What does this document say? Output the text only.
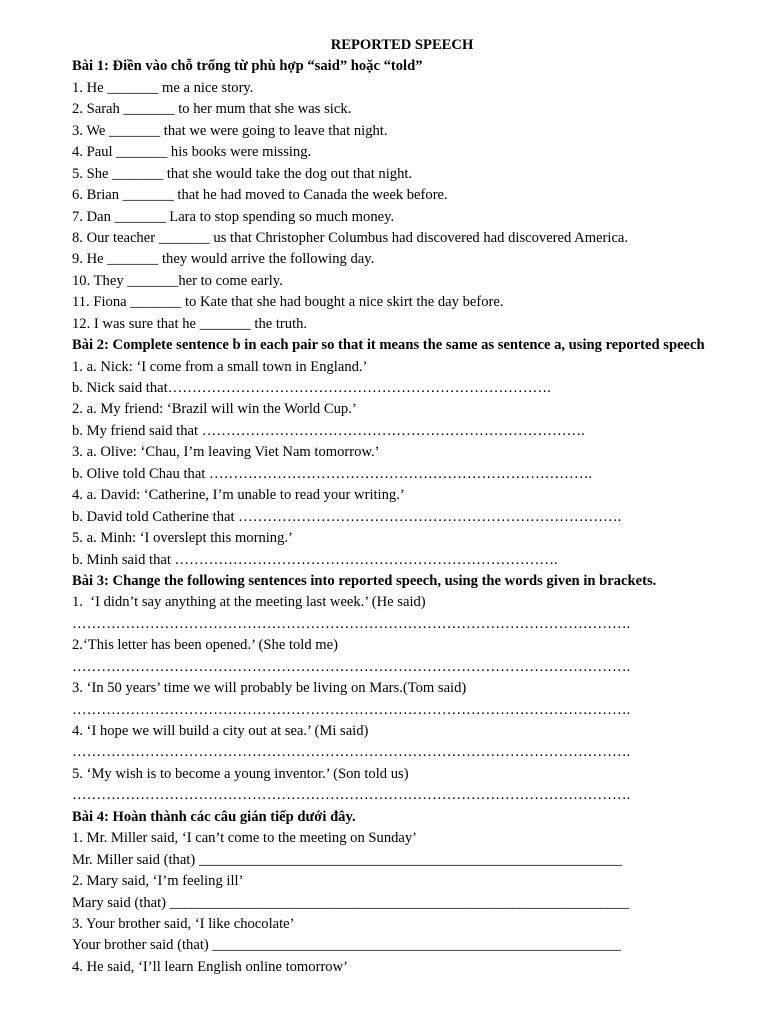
REPORTED SPEECH
Bài 1: Điền vào chỗ trống từ phù hợp “said” hoặc “told”
1. He _______ me a nice story.
2. Sarah _______ to her mum that she was sick.
3. We _______ that we were going to leave that night.
4. Paul _______ his books were missing.
5. She _______ that she would take the dog out that night.
6. Brian _______ that he had moved to Canada the week before.
7. Dan _______ Lara to stop spending so much money.
8. Our teacher _______ us that Christopher Columbus had discovered had discovered America.
9. He _______ they would arrive the following day.
10. They _______her to come early.
11. Fiona _______ to Kate that she had bought a nice skirt the day before.
12. I was sure that he _______ the truth.
Bài 2: Complete sentence b in each pair so that it means the same as sentence a, using reported speech
1. a. Nick: ‘I come from a small town in England.’
b. Nick said that…………………………………………………………………….
2. a. My friend: ‘Brazil will win the World Cup.’
b. My friend said that …………………………………………………………………….
3. a. Olive: ‘Chau, I’m leaving Viet Nam tomorrow.’
b. Olive told Chau that …………………………………………………………………….
4. a. David: ‘Catherine, I’m unable to read your writing.’
b. David told Catherine that …………………………………………………………………….
5. a. Minh: ‘I overslept this morning.’
b. Minh said that …………………………………………………………………….
Bài 3: Change the following sentences into reported speech, using the words given in brackets.
1.  ‘I didn’t say anything at the meeting last week.’ (He said)
…………………………………………………………………………………………………….
2.‘This letter has been opened.’ (She told me)
…………………………………………………………………………………………………….
3. ‘In 50 years’ time we will probably be living on Mars.(Tom said)
…………………………………………………………………………………………………….
4. ‘I hope we will build a city out at sea.’ (Mi said)
…………………………………………………………………………………………………….
5. ‘My wish is to become a young inventor.’ (Son told us)
…………………………………………………………………………………………………….
Bài 4: Hoàn thành các câu gián tiếp dưới đây.
1. Mr. Miller said, ‘I can’t come to the meeting on Sunday’
Mr. Miller said (that) __________________________________________________________
2. Mary said, ‘I’m feeling ill’
Mary said (that) _______________________________________________________________
3. Your brother said, ‘I like chocolate’
Your brother said (that) ________________________________________________________
4. He said, ‘I’ll learn English online tomorrow’
